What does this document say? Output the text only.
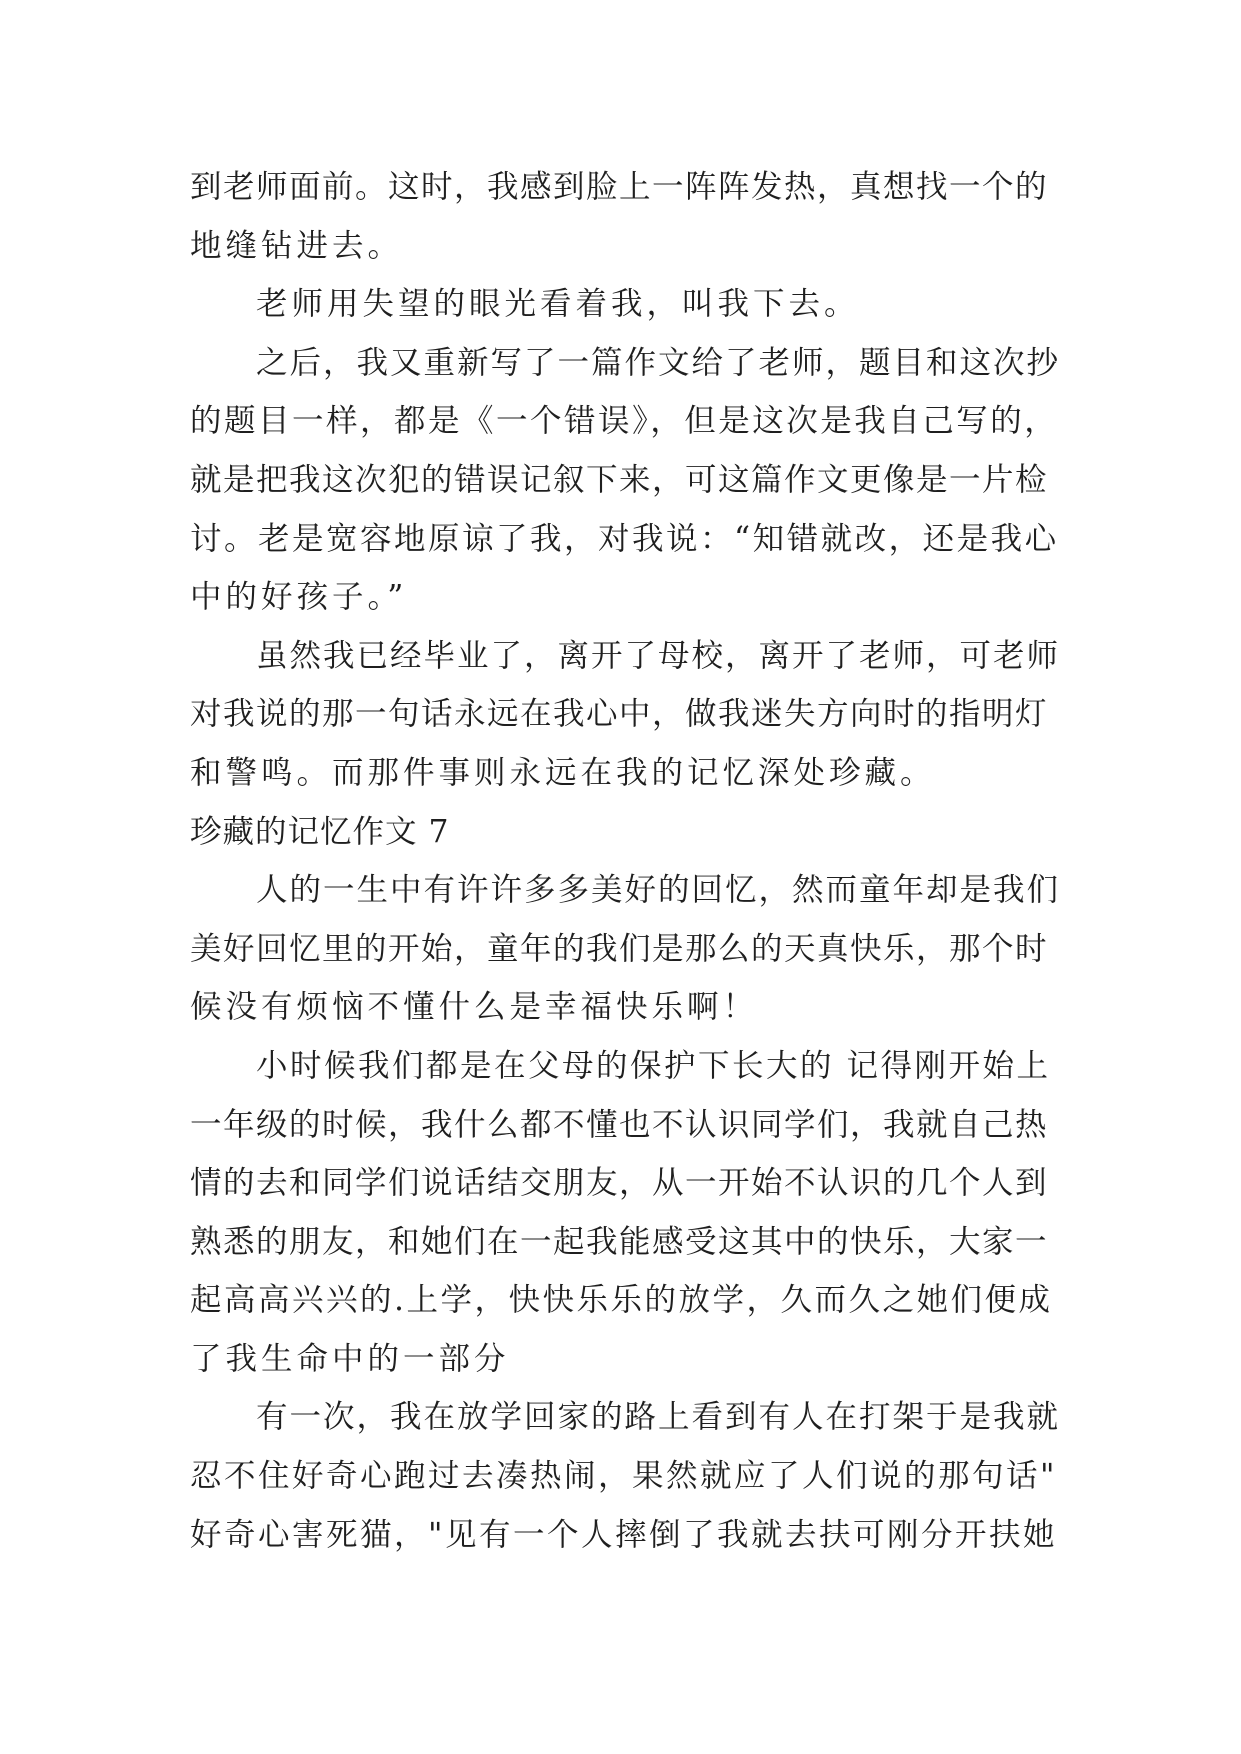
到老师面前。这时，我感到脸上一阵阵发热，真想找一个的
地缝钻进去。
老师用失望的眼光看着我，叫我下去。
之后，我又重新写了一篇作文给了老师，题目和这次抄
的题目一样，都是《一个错误》，但是这次是我自己写的，
就是把我这次犯的错误记叙下来，可这篇作文更像是一片检
讨。老是宽容地原谅了我，对我说：“知错就改，还是我心
中的好孩子。”
虽然我已经毕业了，离开了母校，离开了老师，可老师
对我说的那一句话永远在我心中，做我迷失方向时的指明灯
和警鸣。而那件事则永远在我的记忆深处珍藏。
珍藏的记忆作文 7
人的一生中有许许多多美好的回忆，然而童年却是我们
美好回忆里的开始，童年的我们是那么的天真快乐，那个时
候没有烦恼不懂什么是幸福快乐啊！
小时候我们都是在父母的保护下长大的 记得刚开始上
一年级的时候，我什么都不懂也不认识同学们，我就自己热
情的去和同学们说话结交朋友，从一开始不认识的几个人到
熟悉的朋友，和她们在一起我能感受这其中的快乐，大家一
起高高兴兴的.上学，快快乐乐的放学，久而久之她们便成
了我生命中的一部分
有一次，我在放学回家的路上看到有人在打架于是我就
忍不住好奇心跑过去凑热闹，果然就应了人们说的那句话"
好奇心害死猫，"见有一个人摔倒了我就去扶可刚分开扶她
